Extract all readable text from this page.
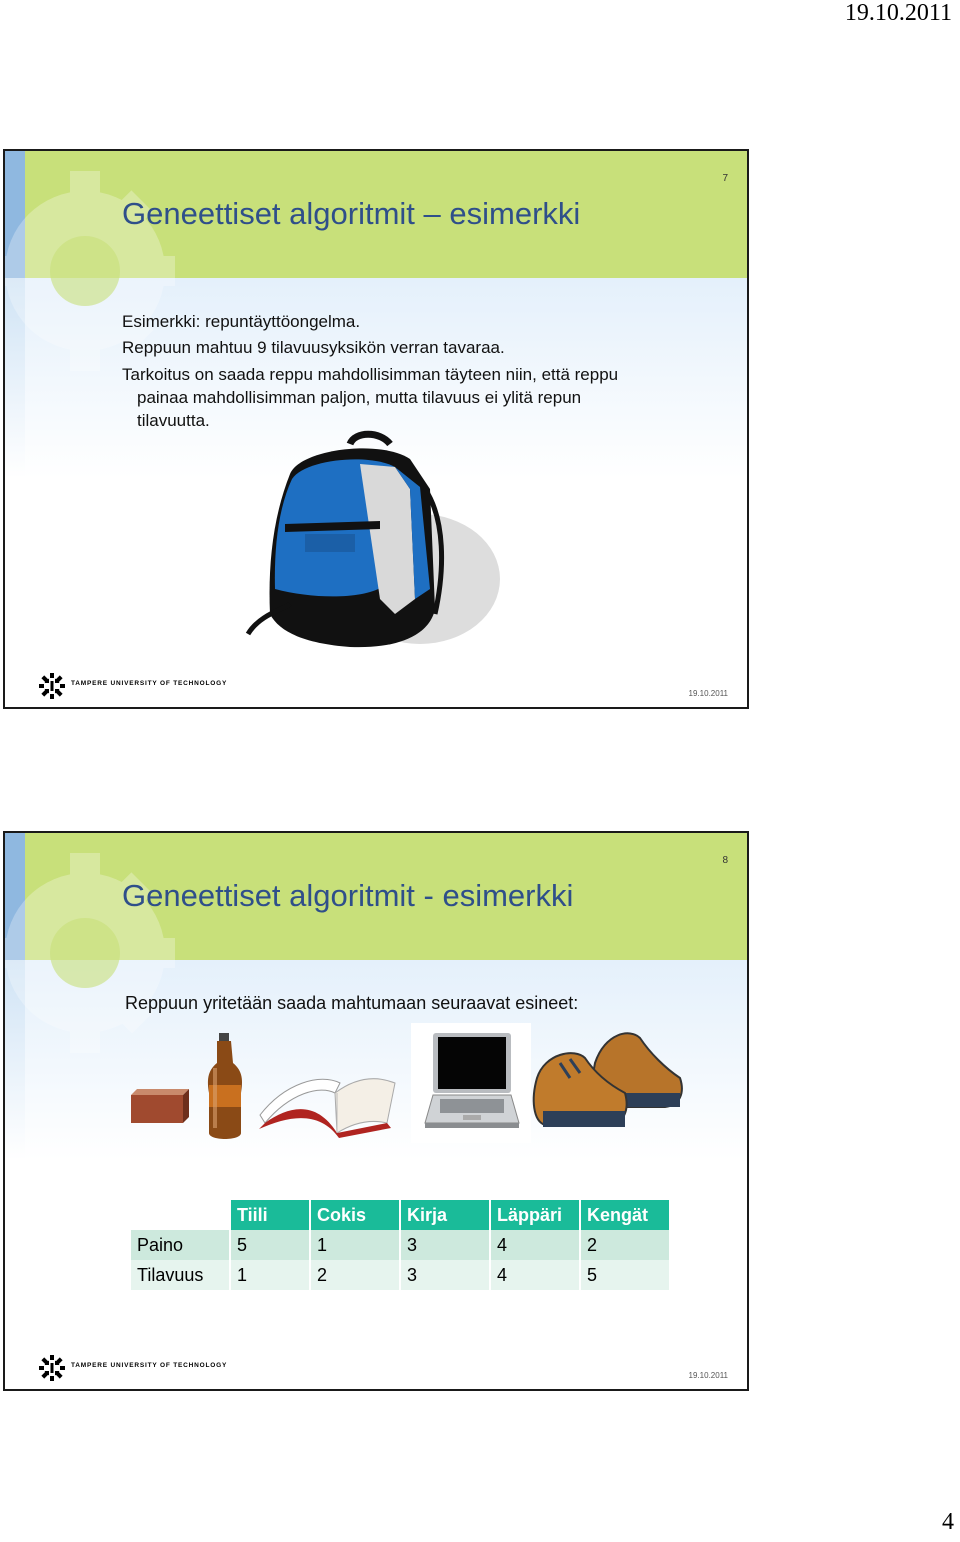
19.10.2011
7
Geneettiset algoritmit – esimerkki
Esimerkki: repuntäyttöongelma.
Reppuun mahtuu 9 tilavuusyksikön verran tavaraa.
Tarkoitus on saada reppu mahdollisimman täyteen niin, että reppu
painaa mahdollisimman paljon, mutta tilavuus ei ylitä repun
tilavuutta.
TAMPERE UNIVERSITY OF TECHNOLOGY
19.10.2011
8
Geneettiset algoritmit - esimerkki
Reppuun yritetään saada mahtumaan seuraavat esineet:
	Tiili	Cokis	Kirja	Läppäri	Kengät
Paino	5	1	3	4	2
Tilavuus	1	2	3	4	5
TAMPERE UNIVERSITY OF TECHNOLOGY
19.10.2011
4
